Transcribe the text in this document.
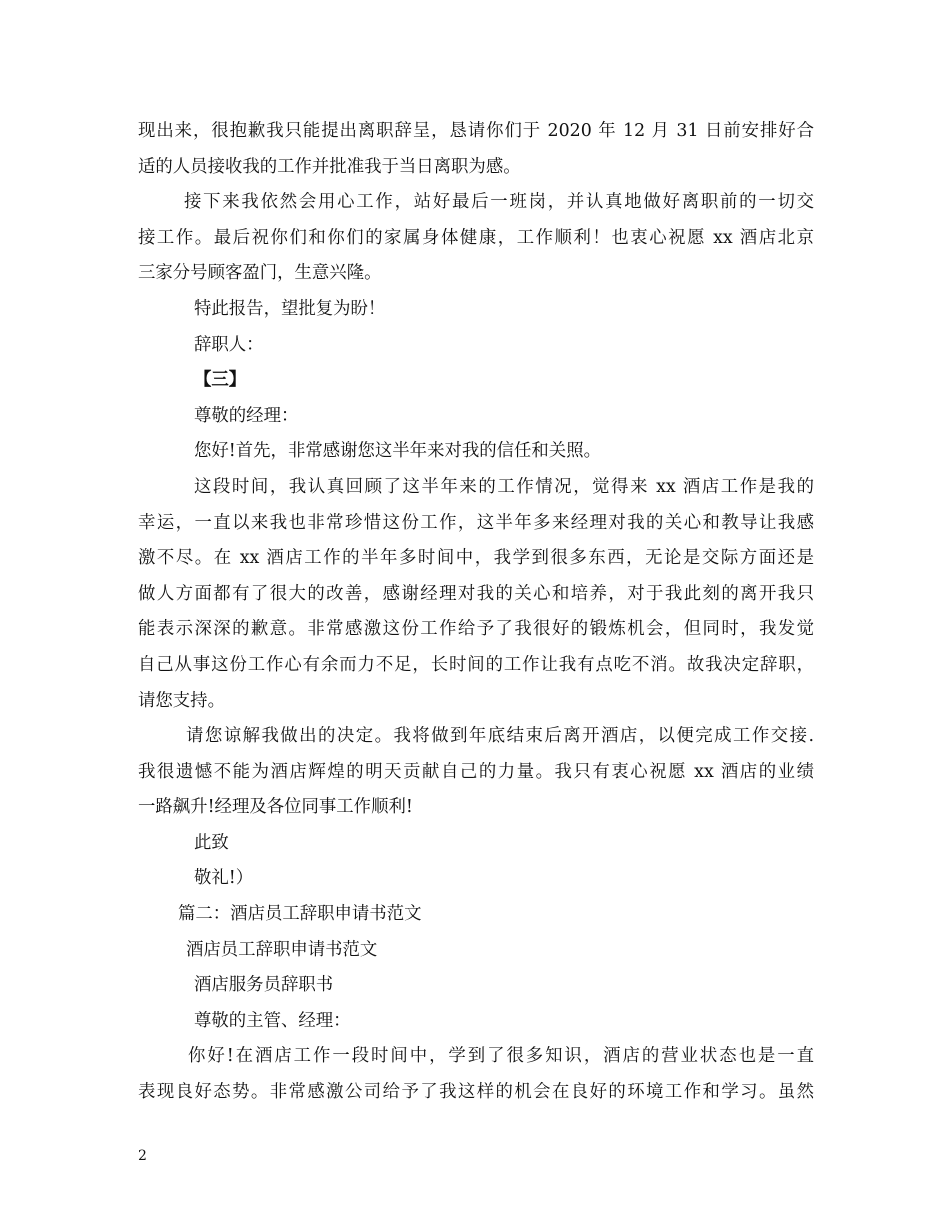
现出来，很抱歉我只能提出离职辞呈，恳请你们于 2020 年 12 月 31 日前安排好合
适的人员接收我的工作并批准我于当日离职为感。
接下来我依然会用心工作，站好最后一班岗，并认真地做好离职前的一切交
接工作。最后祝你们和你们的家属身体健康，工作顺利！也衷心祝愿 xx 酒店北京
三家分号顾客盈门，生意兴隆。
特此报告，望批复为盼！
辞职人：
【三】
尊敬的经理：
您好!首先，非常感谢您这半年来对我的信任和关照。
这段时间，我认真回顾了这半年来的工作情况，觉得来 xx 酒店工作是我的
幸运，一直以来我也非常珍惜这份工作，这半年多来经理对我的关心和教导让我感
激不尽。在 xx 酒店工作的半年多时间中，我学到很多东西，无论是交际方面还是
做人方面都有了很大的改善，感谢经理对我的关心和培养，对于我此刻的离开我只
能表示深深的歉意。非常感激这份工作给予了我很好的锻炼机会，但同时，我发觉
自己从事这份工作心有余而力不足，长时间的工作让我有点吃不消。故我决定辞职，
请您支持。
请您谅解我做出的决定。我将做到年底结束后离开酒店，以便完成工作交接.
我很遗憾不能为酒店辉煌的明天贡献自己的力量。我只有衷心祝愿 xx 酒店的业绩
一路飙升!经理及各位同事工作顺利!
此致
敬礼!）
篇二：酒店员工辞职申请书范文
酒店员工辞职申请书范文
酒店服务员辞职书
尊敬的主管、经理：
你好!在酒店工作一段时间中，学到了很多知识，酒店的营业状态也是一直
表现良好态势。非常感激公司给予了我这样的机会在良好的环境工作和学习。虽然
2
